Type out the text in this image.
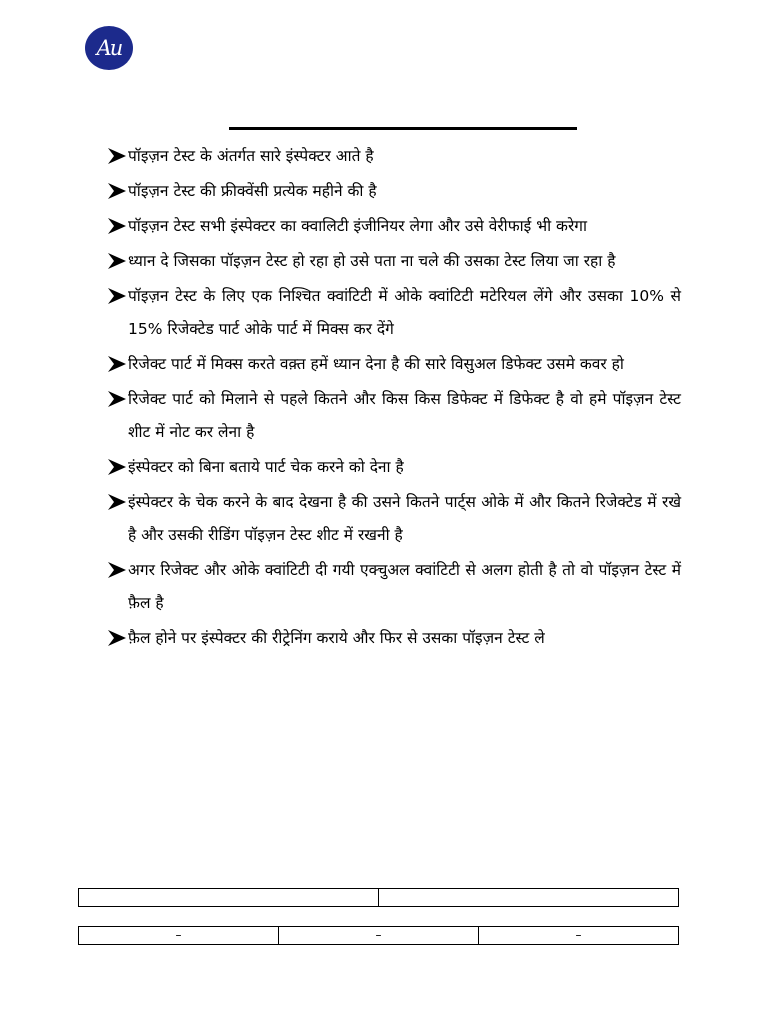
Au
पॉइज़न टेस्ट के अंतर्गत सारे इंस्पेक्टर आते है
पॉइज़न टेस्ट की फ्रीक्वेंसी प्रत्येक महीने की है
पॉइज़न टेस्ट सभी इंस्पेक्टर का क्वालिटी इंजीनियर लेगा और उसे वेरीफाई भी करेगा
ध्यान दे जिसका पॉइज़न टेस्ट हो रहा हो उसे पता ना चले की उसका टेस्ट लिया जा रहा है
पॉइज़न टेस्ट के लिए एक निश्चित क्वांटिटी में ओके क्वांटिटी मटेरियल लेंगे और उसका 10% से 15% रिजेक्टेड पार्ट ओके पार्ट में मिक्स कर देंगे
रिजेक्ट पार्ट में मिक्स करते वक़्त हमें ध्यान देना है की सारे विसुअल डिफेक्ट उसमे कवर हो
रिजेक्ट पार्ट को मिलाने से पहले कितने और किस किस डिफेक्ट में डिफेक्ट है वो हमे पॉइज़न टेस्ट शीट में नोट कर लेना है
इंस्पेक्टर को बिना बताये पार्ट चेक करने को देना है
इंस्पेक्टर के चेक करने के बाद देखना है की उसने कितने पार्ट्स ओके में और कितने रिजेक्टेड में रखे है और उसकी रीडिंग पॉइज़न टेस्ट शीट में रखनी है
अगर रिजेक्ट और ओके क्वांटिटी दी गयी एक्चुअल क्वांटिटी से अलग होती है तो वो पॉइज़न टेस्ट में फ़ैल है
फ़ैल होने पर इंस्पेक्टर की रीट्रेनिंग कराये और फिर से उसका पॉइज़न टेस्ट ले

–	–	–
